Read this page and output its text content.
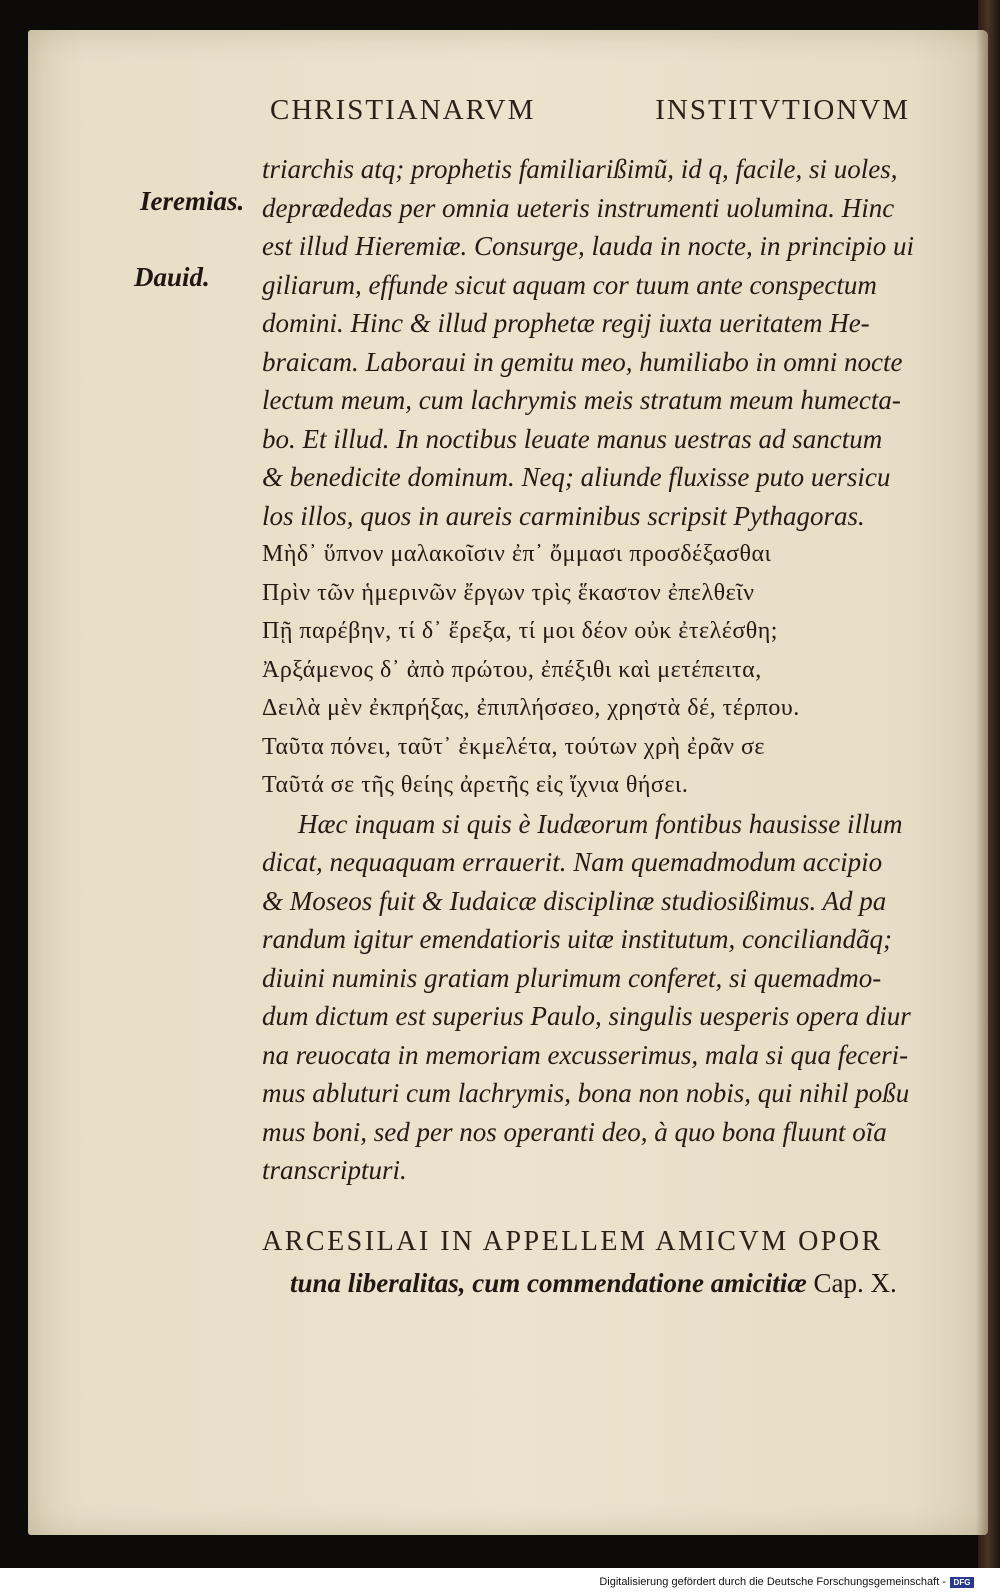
CHRISTIANARVM	INSTITVTIONVM
Ieremias.
Dauid.
triarchis atq; prophetis familiarißimũ, id q, facile, si uoles,
deprædedas per omnia ueteris instrumenti uolumina. Hinc
est illud Hieremiæ. Consurge, lauda in nocte, in principio ui
giliarum, effunde sicut aquam cor tuum ante conspectum
domini. Hinc & illud prophetæ regij iuxta ueritatem He-
braicam. Laboraui in gemitu meo, humiliabo in omni nocte
lectum meum, cum lachrymis meis stratum meum humecta-
bo. Et illud. In noctibus leuate manus uestras ad sanctum
& benedicite dominum. Neq; aliunde fluxisse puto uersicu
los illos, quos in aureis carminibus scripsit Pythagoras.
Μὴδ᾽ ὕπνον μαλακοῖσιν ἐπ᾽ ὄμμασι προσδέξασθαι
Πρὶν τῶν ἡμερινῶν ἔργων τρὶς ἕκαστον ἐπελθεῖν
Πῇ παρέβην, τί δ᾽ ἔρεξα, τί μοι δέον οὐκ ἐτελέσθη;
Ἀρξάμενος δ᾽ ἀπὸ πρώτου, ἐπέξιθι καὶ μετέπειτα,
Δειλὰ μὲν ἐκπρήξας, ἐπιπλήσσεο, χρηστὰ δέ, τέρπου.
Ταῦτα πόνει, ταῦτ᾽ ἐκμελέτα, τούτων χρὴ ἐρᾶν σε
Ταῦτά σε τῆς θείης ἀρετῆς εἰς ἴχνια θήσει.
Hæc inquam si quis è Iudæorum fontibus hausisse illum
dicat, nequaquam errauerit. Nam quemadmodum accipio
& Moseos fuit & Iudaicæ disciplinæ studiosißimus. Ad pa
randum igitur emendatioris uitæ institutum, conciliandãq;
diuini numinis gratiam plurimum conferet, si quemadmo-
dum dictum est superius Paulo, singulis uesperis opera diur
na reuocata in memoriam excusserimus, mala si qua feceri-
mus abluturi cum lachrymis, bona non nobis, qui nihil poßu
mus boni, sed per nos operanti deo, à quo bona fluunt oĩa
transcripturi.
ARCESILAI IN APPELLEM AMICVM OPOR
tuna liberalitas, cum commendatione amicitiæ Cap. X.
Digitalisierung gefördert durch die Deutsche Forschungsgemeinschaft - DFG
